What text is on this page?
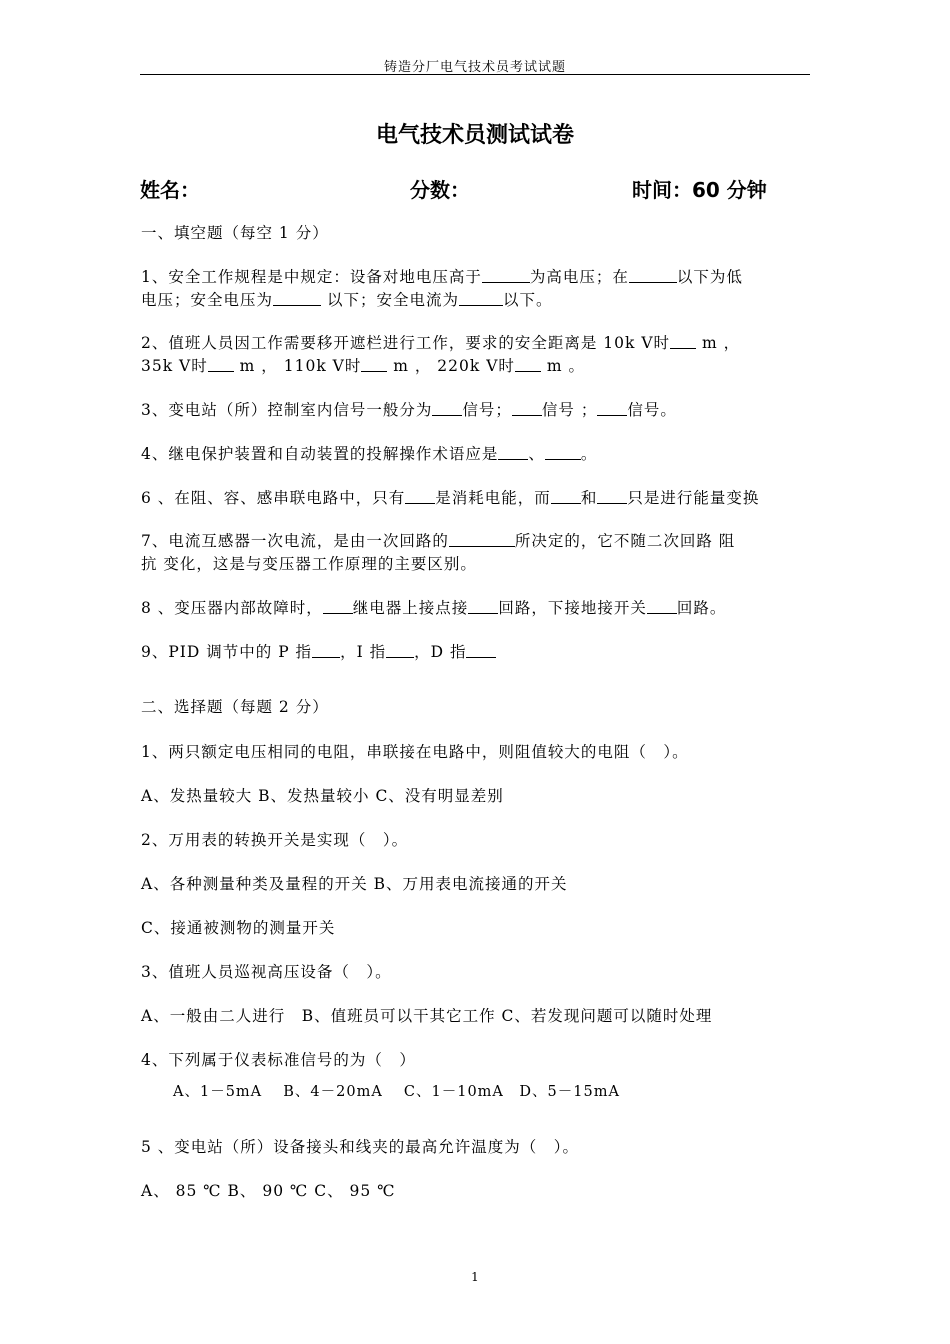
铸造分厂电气技术员考试试题
电气技术员测试试卷
姓名：	分数：	时间：60 分钟
一、填空题（每空 1 分）
1、安全工作规程是中规定：设备对地电压高于	为高电压；在	以下为低
电压；安全电压为	以下；安全电流为	以下。
2、值班人员因工作需要移开遮栏进行工作，要求的安全距离是 10k V时 m ，
35k V时 m ， 110k V时 m ， 220k V时 m 。
3、变电站（所）控制室内信号一般分为 信号； 信号 ； 信号。
4、继电保护装置和自动装置的投解操作术语应是 、 。
6 、在阻、容、感串联电路中，只有 是消耗电能，而 和 只是进行能量变换
7、电流互感器一次电流，是由一次回路的	所决定的，它不随二次回路 阻
抗 变化，这是与变压器工作原理的主要区别。
8 、变压器内部故障时， 继电器上接点接 回路，下接地接开关 回路。
9、PID 调节中的 P 指 ，I 指 ，D 指
二、选择题（每题 2 分）
1、两只额定电压相同的电阻，串联接在电路中，则阻值较大的电阻（　）。
A、发热量较大 B、发热量较小 C、没有明显差别
2、万用表的转换开关是实现（　）。
A、各种测量种类及量程的开关 B、万用表电流接通的开关
C、接通被测物的测量开关
3、值班人员巡视高压设备（　）。
A、一般由二人进行　B、值班员可以干其它工作 C、若发现问题可以随时处理
4、下列属于仪表标准信号的为（　）
A、1－5mA　 B、4－20mA　 C、1－10mA　D、5－15mA
5 、变电站（所）设备接头和线夹的最高允许温度为（　）。
A、 85 ℃ B、 90 ℃ C、 95 ℃
1
